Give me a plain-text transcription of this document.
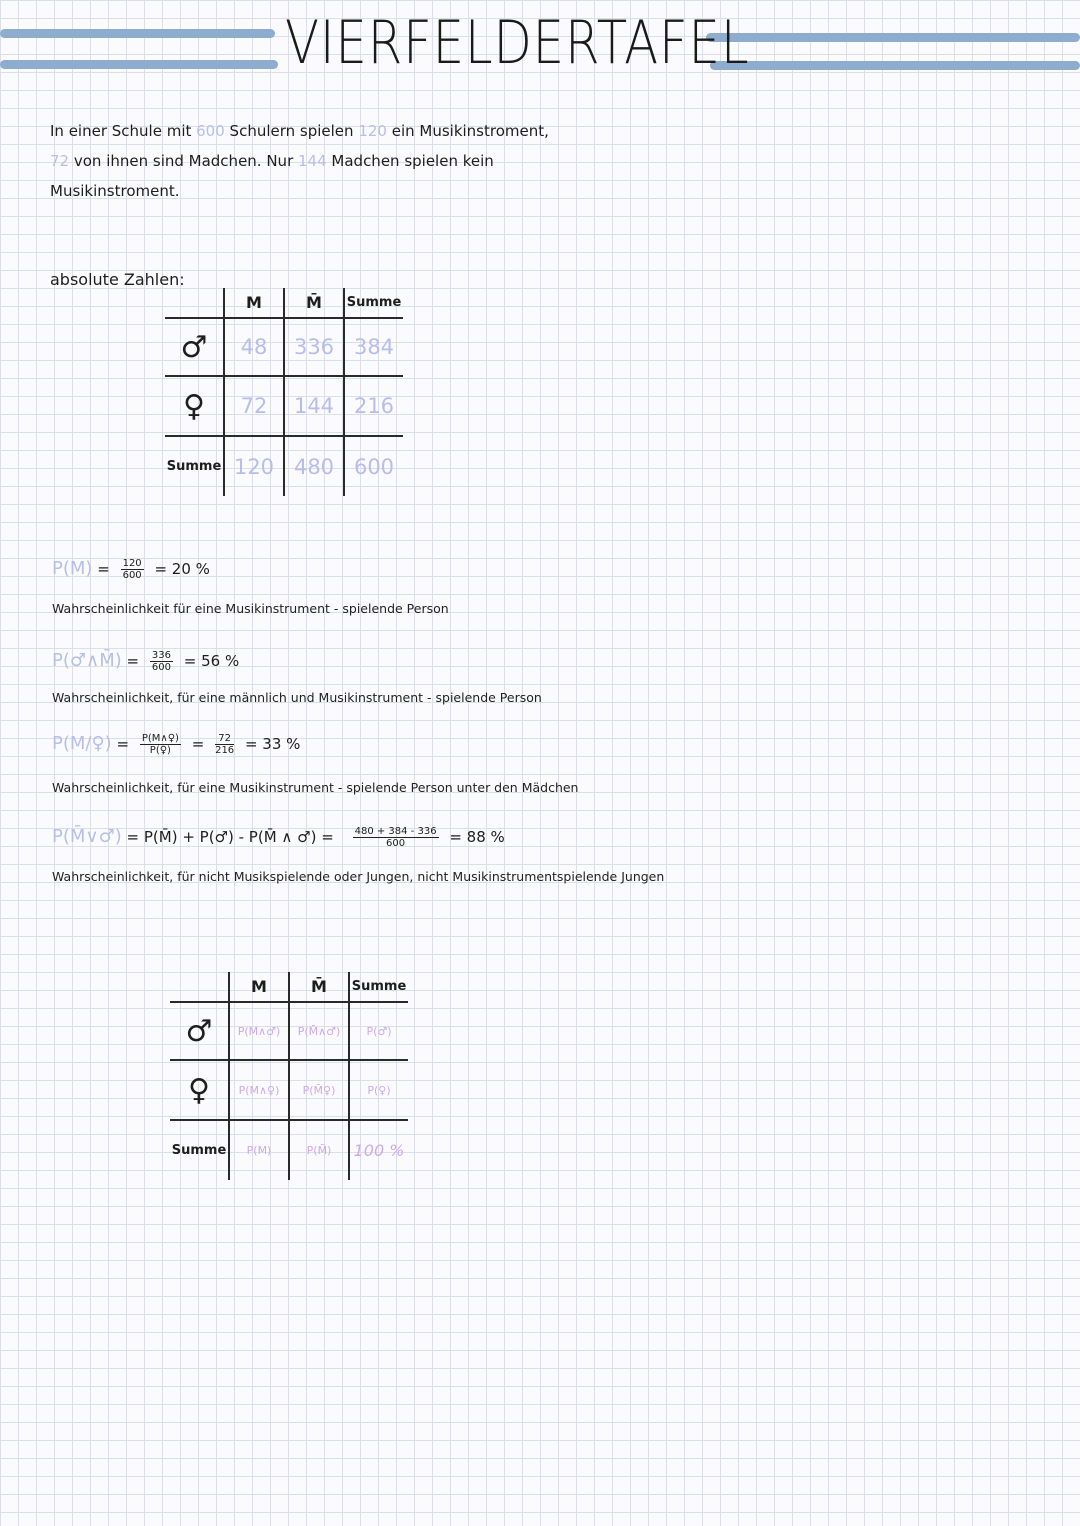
VIERFELDERTAFEL
In einer Schule mit 600 Schulern spielen 120 ein Musikinstroment,
72 von ihnen sind Madchen. Nur 144 Madchen spielen kein
Musikinstroment.
absolute Zahlen:
	M	M̄	Summe
♂	48	336	384
♀	72	144	216
Summe	120	480	600
$P(M) = \frac{120}{600} = 20$ %
Wahrscheinlichkeit für eine Musikinstrument - spielende Person
P(♂∧M̄) = $\frac{336}{600} = 56$ %
Wahrscheinlichkeit, für eine männlich und Musikinstrument - spielende Person
P(M/♀) = $\frac{P(M\wedge♀)}{P(♀)} = \frac{72}{216} = 33$ %
Wahrscheinlichkeit, für eine Musikinstrument - spielende Person unter den Mädchen
P(M̄∨♂) = P(M̄) + P(♂) - P(M̄ ∧ ♂) = $\frac{480 + 384 - 336}{600} = 88$ %
Wahrscheinlichkeit, für nicht Musikspielende oder Jungen, nicht Musikinstrumentspielende Jungen
	M	M̄	Summe
♂	P(M∧♂)	P(M̄∧♂)	P(♂)
♀	P(M∧♀)	P(M̄♀)	P(♀)
Summe	P(M)	P(M̄)	100 %
